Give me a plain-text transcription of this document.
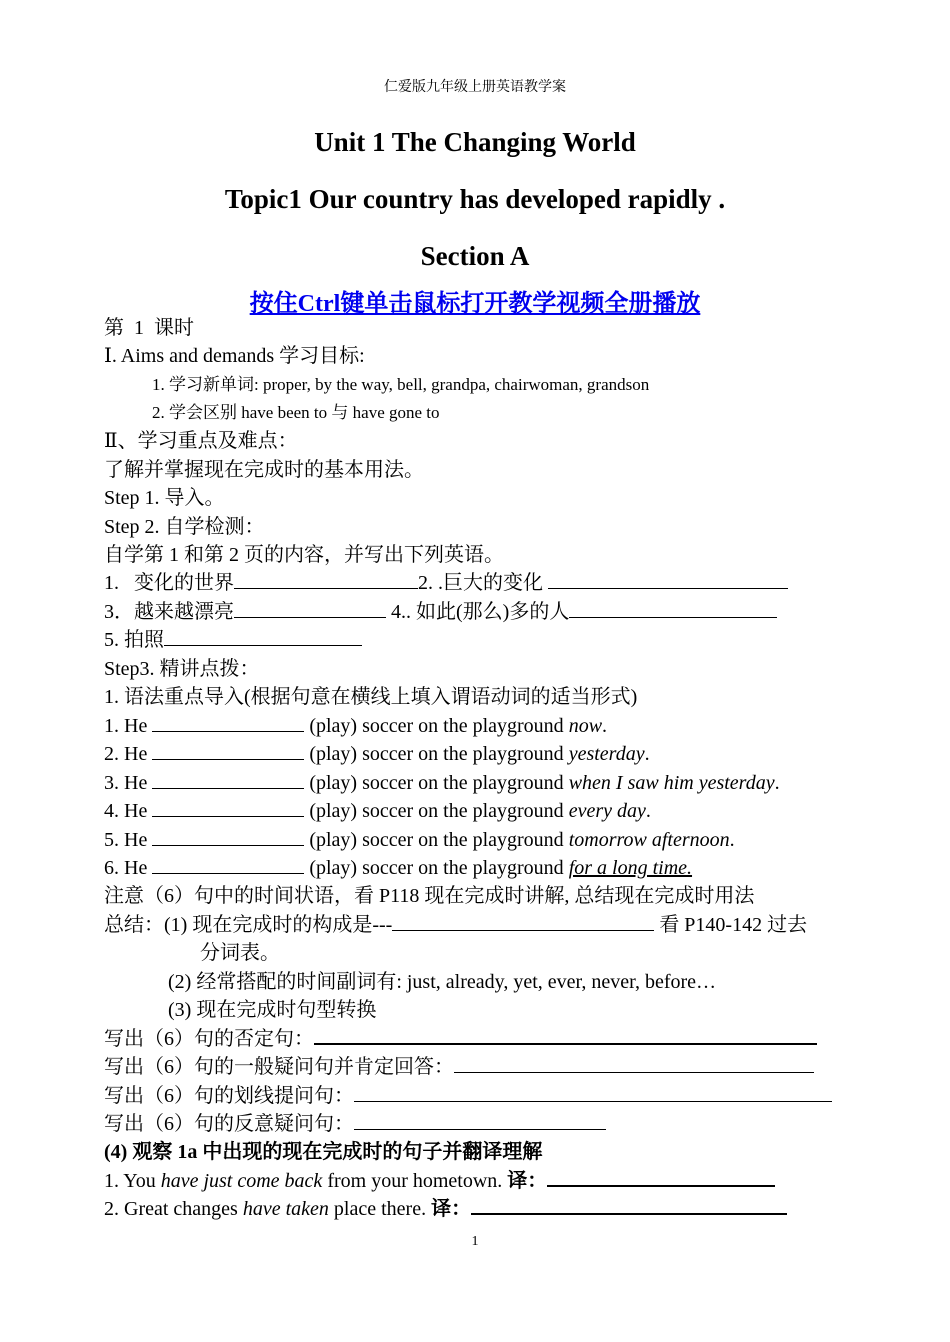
仁爱版九年级上册英语教学案
Unit 1 The Changing World
Topic1 Our country has developed rapidly .
Section A
按住Ctrl键单击鼠标打开教学视频全册播放
第  1  课时
Ⅰ. Aims and demands 学习目标:
1. 学习新单词: proper, by the way, bell, grandpa, chairwoman, grandson
2. 学会区别 have been to 与 have gone to
Ⅱ、学习重点及难点：
了解并掌握现在完成时的基本用法。
Step 1. 导入。
Step 2. 自学检测：
自学第 1 和第 2 页的内容，并写出下列英语。
1.   变化的世界	2. .巨大的变化
3．越来越漂亮	4.. 如此(那么)多的人
5. 拍照
Step3. 精讲点拨：
1. 语法重点导入(根据句意在横线上填入谓语动词的适当形式)
1. He	(play) soccer on the playground now.
2. He	(play) soccer on the playground yesterday.
3. He	(play) soccer on the playground when I saw him yesterday.
4. He	(play) soccer on the playground every day.
5. He	(play) soccer on the playground tomorrow afternoon.
6. He	(play) soccer on the playground for a long time.
注意（6）句中的时间状语，看 P118 现在完成时讲解, 总结现在完成时用法
总结：(1) 现在完成时的构成是---	看 P140-142 过去
分词表。
(2) 经常搭配的时间副词有: just, already, yet, ever, never, before…
(3) 现在完成时句型转换
写出（6）句的否定句：
写出（6）句的一般疑问句并肯定回答：
写出（6）句的划线提问句：
写出（6）句的反意疑问句：
(4) 观察 1a 中出现的现在完成时的句子并翻译理解
1. You have just come back from your hometown. 译：
2. Great changes have taken place there. 译：
1
